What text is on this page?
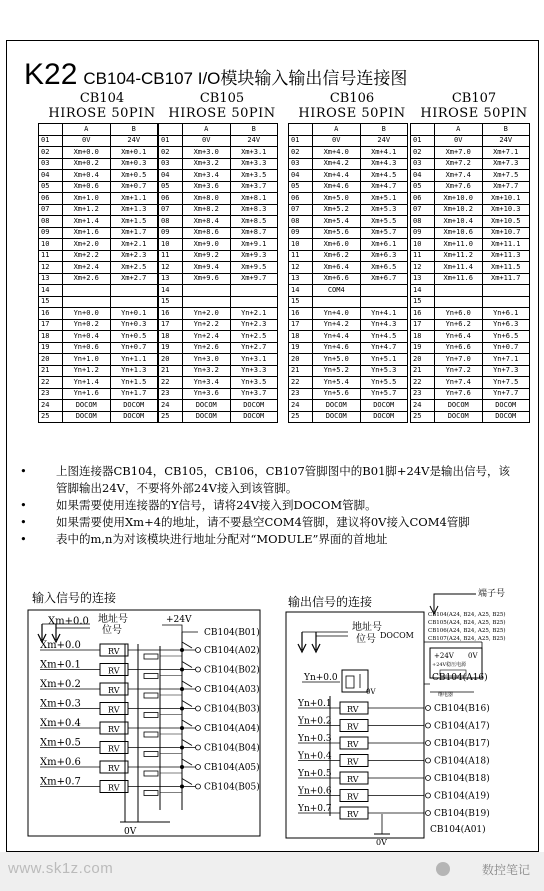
K22 CB104-CB107 I/O模块输入输出信号连接图
CB104
HIROSE 50PIN
	A	B
01	0V	24V
02	Xm+0.0	Xm+0.1
03	Xm+0.2	Xm+0.3
04	Xm+0.4	Xm+0.5
05	Xm+0.6	Xm+0.7
06	Xm+1.0	Xm+1.1
07	Xm+1.2	Xm+1.3
08	Xm+1.4	Xm+1.5
09	Xm+1.6	Xm+1.7
10	Xm+2.0	Xm+2.1
11	Xm+2.2	Xm+2.3
12	Xm+2.4	Xm+2.5
13	Xm+2.6	Xm+2.7
14		
15		
16	Yn+0.0	Yn+0.1
17	Yn+0.2	Yn+0.3
18	Yn+0.4	Yn+0.5
19	Yn+0.6	Yn+0.7
20	Yn+1.0	Yn+1.1
21	Yn+1.2	Yn+1.3
22	Yn+1.4	Yn+1.5
23	Yn+1.6	Yn+1.7
24	DOCOM	DOCOM
25	DOCOM	DOCOM
CB105
HIROSE 50PIN
	A	B
01	0V	24V
02	Xm+3.0	Xm+3.1
03	Xm+3.2	Xm+3.3
04	Xm+3.4	Xm+3.5
05	Xm+3.6	Xm+3.7
06	Xm+8.0	Xm+8.1
07	Xm+8.2	Xm+8.3
08	Xm+8.4	Xm+8.5
09	Xm+8.6	Xm+8.7
10	Xm+9.0	Xm+9.1
11	Xm+9.2	Xm+9.3
12	Xm+9.4	Xm+9.5
13	Xm+9.6	Xm+9.7
14		
15		
16	Yn+2.0	Yn+2.1
17	Yn+2.2	Yn+2.3
18	Yn+2.4	Yn+2.5
19	Yn+2.6	Yn+2.7
20	Yn+3.0	Yn+3.1
21	Yn+3.2	Yn+3.3
22	Yn+3.4	Yn+3.5
23	Yn+3.6	Yn+3.7
24	DOCOM	DOCOM
25	DOCOM	DOCOM
CB106
HIROSE 50PIN
	A	B
01	0V	24V
02	Xm+4.0	Xm+4.1
03	Xm+4.2	Xm+4.3
04	Xm+4.4	Xm+4.5
05	Xm+4.6	Xm+4.7
06	Xm+5.0	Xm+5.1
07	Xm+5.2	Xm+5.3
08	Xm+5.4	Xm+5.5
09	Xm+5.6	Xm+5.7
10	Xm+6.0	Xm+6.1
11	Xm+6.2	Xm+6.3
12	Xm+6.4	Xm+6.5
13	Xm+6.6	Xm+6.7
14	COM4	
15		
16	Yn+4.0	Yn+4.1
17	Yn+4.2	Yn+4.3
18	Yn+4.4	Yn+4.5
19	Yn+4.6	Yn+4.7
20	Yn+5.0	Yn+5.1
21	Yn+5.2	Yn+5.3
22	Yn+5.4	Yn+5.5
23	Yn+5.6	Yn+5.7
24	DOCOM	DOCOM
25	DOCOM	DOCOM
CB107
HIROSE 50PIN
	A	B
01	0V	24V
02	Xm+7.0	Xm+7.1
03	Xm+7.2	Xm+7.3
04	Xm+7.4	Xm+7.5
05	Xm+7.6	Xm+7.7
06	Xm+10.0	Xm+10.1
07	Xm+10.2	Xm+10.3
08	Xm+10.4	Xm+10.5
09	Xm+10.6	Xm+10.7
10	Xm+11.0	Xm+11.1
11	Xm+11.2	Xm+11.3
12	Xm+11.4	Xm+11.5
13	Xm+11.6	Xm+11.7
14		
15		
16	Yn+6.0	Yn+6.1
17	Yn+6.2	Yn+6.3
18	Yn+6.4	Yn+6.5
19	Yn+6.6	Yn+0.7
20	Yn+7.0	Yn+7.1
21	Yn+7.2	Yn+7.3
22	Yn+7.4	Yn+7.5
23	Yn+7.6	Yn+7.7
24	DOCOM	DOCOM
25	DOCOM	DOCOM
•	上图连接器CB104，CB105，CB106，CB107管脚图中的B01脚+24V是输出信号，该管脚输出24V，不要将外部24V接入到该管脚。
•	如果需要使用连接器的Y信号，请将24V接入到DOCOM管脚。
•	如果需要使用Xm+4的地址，请不要悬空COM4管脚，建议将0V接入COM4管脚
•	表中的m,n为对该模块进行地址分配对“MODULE”界面的首地址
输入信号的连接
地址号
位号
Xm+0.0	+24V
CB104(B01)
Xm+0.0
RV	CB104(A02)
Xm+0.1
RV	CB104(B02)
Xm+0.2
RV	CB104(A03)
Xm+0.3
RV	CB104(B03)
Xm+0.4
RV	CB104(A04)
Xm+0.5
RV	CB104(B04)
Xm+0.6
RV	CB104(A05)
Xm+0.7
RV	CB104(B05)
0V
输出信号的连接
端子号
CB104(A24, B24, A25, B25)
CB105(A24, B24, A25, B25)
CB106(A24, B24, A25, B25)
CB107(A24, B24, A25, B25)
地址号
位号 DOCOM
+24V 0V
+24V稳压电源
Yn+0.0
0V
CB104(A16)
继电器
Yn+0.1
RV	CB104(B16)
Yn+0.2
RV	CB104(A17)
Yn+0.3
RV	CB104(B17)
Yn+0.4
RV	CB104(A18)
Yn+0.5
RV	CB104(B18)
Yn+0.6
RV	CB104(A19)
Yn+0.7
RV	CB104(B19)
CB104(A01)
0V
www.sk1z.com	数控笔记
